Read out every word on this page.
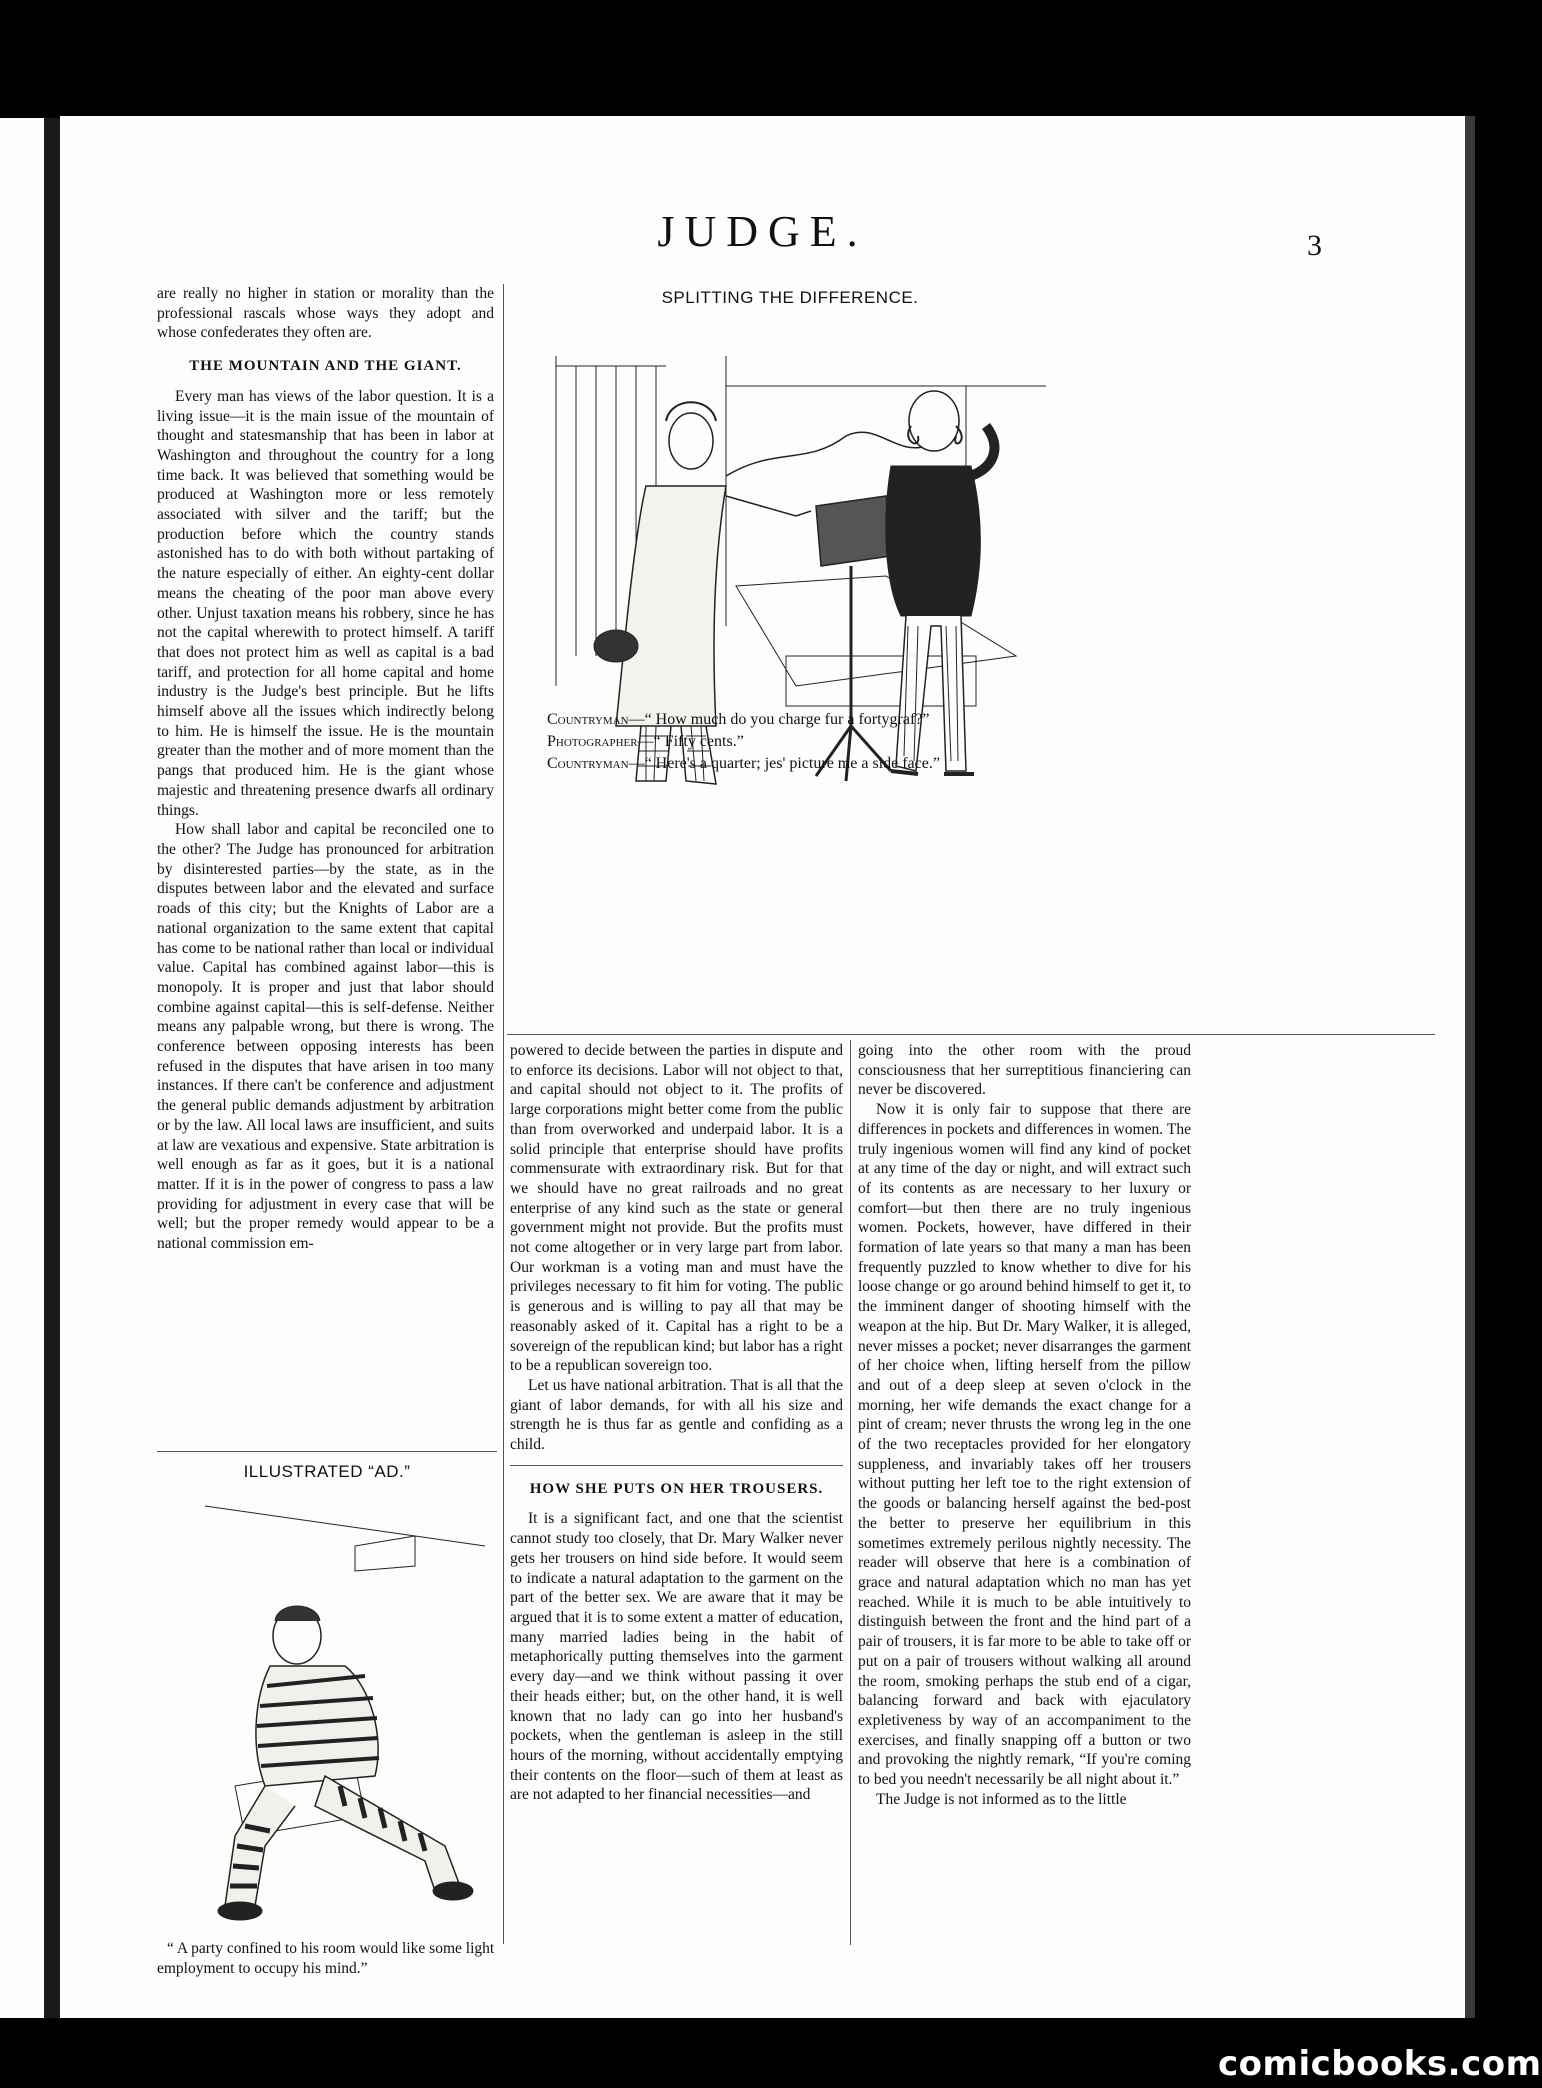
JUDGE.	3

are really no higher in station or morality than the professional rascals whose ways they adopt and whose confederates they often are.

THE MOUNTAIN AND THE GIANT.

Every man has views of the labor question. It is a living issue—it is the main issue of the mountain of thought and statesmanship that has been in labor at Washington and throughout the country for a long time back. It was believed that something would be produced at Washington more or less remotely associated with silver and the tariff; but the production before which the country stands astonished has to do with both without partaking of the nature especially of either. An eighty-cent dollar means the cheating of the poor man above every other. Unjust taxation means his robbery, since he has not the capital wherewith to protect himself. A tariff that does not protect him as well as capital is a bad tariff, and protection for all home capital and home industry is the Judge's best principle. But he lifts himself above all the issues which indirectly belong to him. He is himself the issue. He is the mountain greater than the mother and of more moment than the pangs that produced him. He is the giant whose majestic and threatening presence dwarfs all ordinary things.

How shall labor and capital be reconciled one to the other? The Judge has pronounced for arbitration by disinterested parties—by the state, as in the disputes between labor and the elevated and surface roads of this city; but the Knights of Labor are a national organization to the same extent that capital has come to be national rather than local or individual value. Capital has combined against labor—this is monopoly. It is proper and just that labor should combine against capital—this is self-defense. Neither means any palpable wrong, but there is wrong. The conference between opposing interests has been refused in the disputes that have arisen in too many instances. If there can't be conference and adjustment the general public demands adjustment by arbitration or by the law. All local laws are insufficient, and suits at law are vexatious and expensive. State arbitration is well enough as far as it goes, but it is a national matter. If it is in the power of congress to pass a law providing for adjustment in every case that will be well; but the proper remedy would appear to be a national commission em-

SPLITTING THE DIFFERENCE.
Countryman—“ How much do you charge fur a fortygraf?”
Photographer—“ Fifty cents.”
Countryman—“ Here's a quarter; jes' picture me a side face.”

powered to decide between the parties in dispute and to enforce its decisions. Labor will not object to that, and capital should not object to it. The profits of large corporations might better come from the public than from overworked and underpaid labor. It is a solid principle that enterprise should have profits commensurate with extraordinary risk. But for that we should have no great railroads and no great enterprise of any kind such as the state or general government might not provide. But the profits must not come altogether or in very large part from labor. Our workman is a voting man and must have the privileges necessary to fit him for voting. The public is generous and is willing to pay all that may be reasonably asked of it. Capital has a right to be a sovereign of the republican kind; but labor has a right to be a republican sovereign too.

Let us have national arbitration. That is all that the giant of labor demands, for with all his size and strength he is thus far as gentle and confiding as a child.

HOW SHE PUTS ON HER TROUSERS.

It is a significant fact, and one that the scientist cannot study too closely, that Dr. Mary Walker never gets her trousers on hind side before. It would seem to indicate a natural adaptation to the garment on the part of the better sex. We are aware that it may be argued that it is to some extent a matter of education, many married ladies being in the habit of metaphorically putting themselves into the garment every day—and we think without passing it over their heads either; but, on the other hand, it is well known that no lady can go into her husband's pockets, when the gentleman is asleep in the still hours of the morning, without accidentally emptying their contents on the floor—such of them at least as are not adapted to her financial necessities—and

going into the other room with the proud consciousness that her surreptitious financiering can never be discovered.

Now it is only fair to suppose that there are differences in pockets and differences in women. The truly ingenious women will find any kind of pocket at any time of the day or night, and will extract such of its contents as are necessary to her luxury or comfort—but then there are no truly ingenious women. Pockets, however, have differed in their formation of late years so that many a man has been frequently puzzled to know whether to dive for his loose change or go around behind himself to get it, to the imminent danger of shooting himself with the weapon at the hip. But Dr. Mary Walker, it is alleged, never misses a pocket; never disarranges the garment of her choice when, lifting herself from the pillow and out of a deep sleep at seven o'clock in the morning, her wife demands the exact change for a pint of cream; never thrusts the wrong leg in the one of the two receptacles provided for her elongatory suppleness, and invariably takes off her trousers without putting her left toe to the right extension of the goods or balancing herself against the bed-post the better to preserve her equilibrium in this sometimes extremely perilous nightly necessity. The reader will observe that here is a combination of grace and natural adaptation which no man has yet reached. While it is much to be able intuitively to distinguish between the front and the hind part of a pair of trousers, it is far more to be able to take off or put on a pair of trousers without walking all around the room, smoking perhaps the stub end of a cigar, balancing forward and back with ejaculatory expletiveness by way of an accompaniment to the exercises, and finally snapping off a button or two and provoking the nightly remark, “If you're coming to bed you needn't necessarily be all night about it.”

The Judge is not informed as to the little

ILLUSTRATED “AD.”
“ A party confined to his room would like some light employment to occupy his mind.”
comicbooks.com
